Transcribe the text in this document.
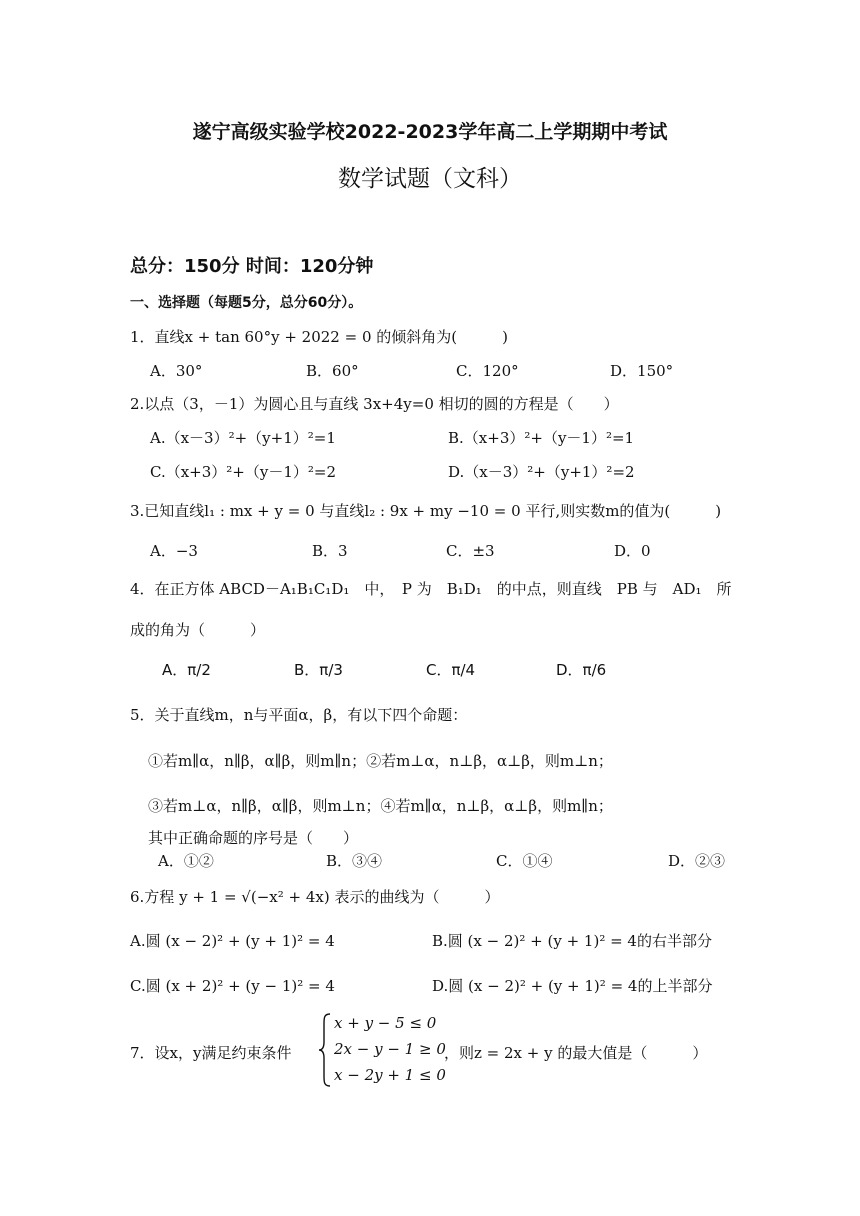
遂宁高级实验学校2022-2023学年高二上学期期中考试
数学试题（文科）
总分：150分 时间：120分钟
一、选择题（每题5分，总分60分）。
1．直线x + tan 60°y + 2022 = 0 的倾斜角为(　　　)
A．30°	B．60°	C．120°	D．150°
2.以点（3，－1）为圆心且与直线 3x+4y=0 相切的圆的方程是（　　）
A.（x－3）²+（y+1）²=1	B.（x+3）²+（y－1）²=1
C.（x+3）²+（y－1）²=2	D.（x－3）²+（y+1）²=2
3.已知直线l₁ : mx + y = 0 与直线l₂ : 9x + my −10 = 0 平行,则实数m的值为(　　　)
A．−3	B．3	C．±3	D．0
4．在正方体 ABCD－A₁B₁C₁D₁　中，　P 为　B₁D₁　的中点，则直线　PB 与　AD₁　所
成的角为（　　　）
A．π/2	B．π/3	C．π/4	D．π/6
5．关于直线m，n与平面α，β，有以下四个命题：
①若m∥α，n∥β，α∥β，则m∥n；②若m⊥α，n⊥β，α⊥β，则m⊥n；
③若m⊥α，n∥β，α∥β，则m⊥n；④若m∥α，n⊥β，α⊥β，则m∥n；
其中正确命题的序号是（　　）
A．①②	B．③④	C．①④	D．②③
6.方程 y + 1 = √(−x² + 4x) 表示的曲线为（　　　）
A.圆 (x − 2)² + (y + 1)² = 4	B.圆 (x − 2)² + (y + 1)² = 4的右半部分
C.圆 (x + 2)² + (y − 1)² = 4	D.圆 (x − 2)² + (y + 1)² = 4的上半部分
7．设x，y满足约束条件
x + y − 5 ≤ 0
2x − y − 1 ≥ 0
x − 2y + 1 ≤ 0
，则z = 2x + y 的最大值是（　　　）
